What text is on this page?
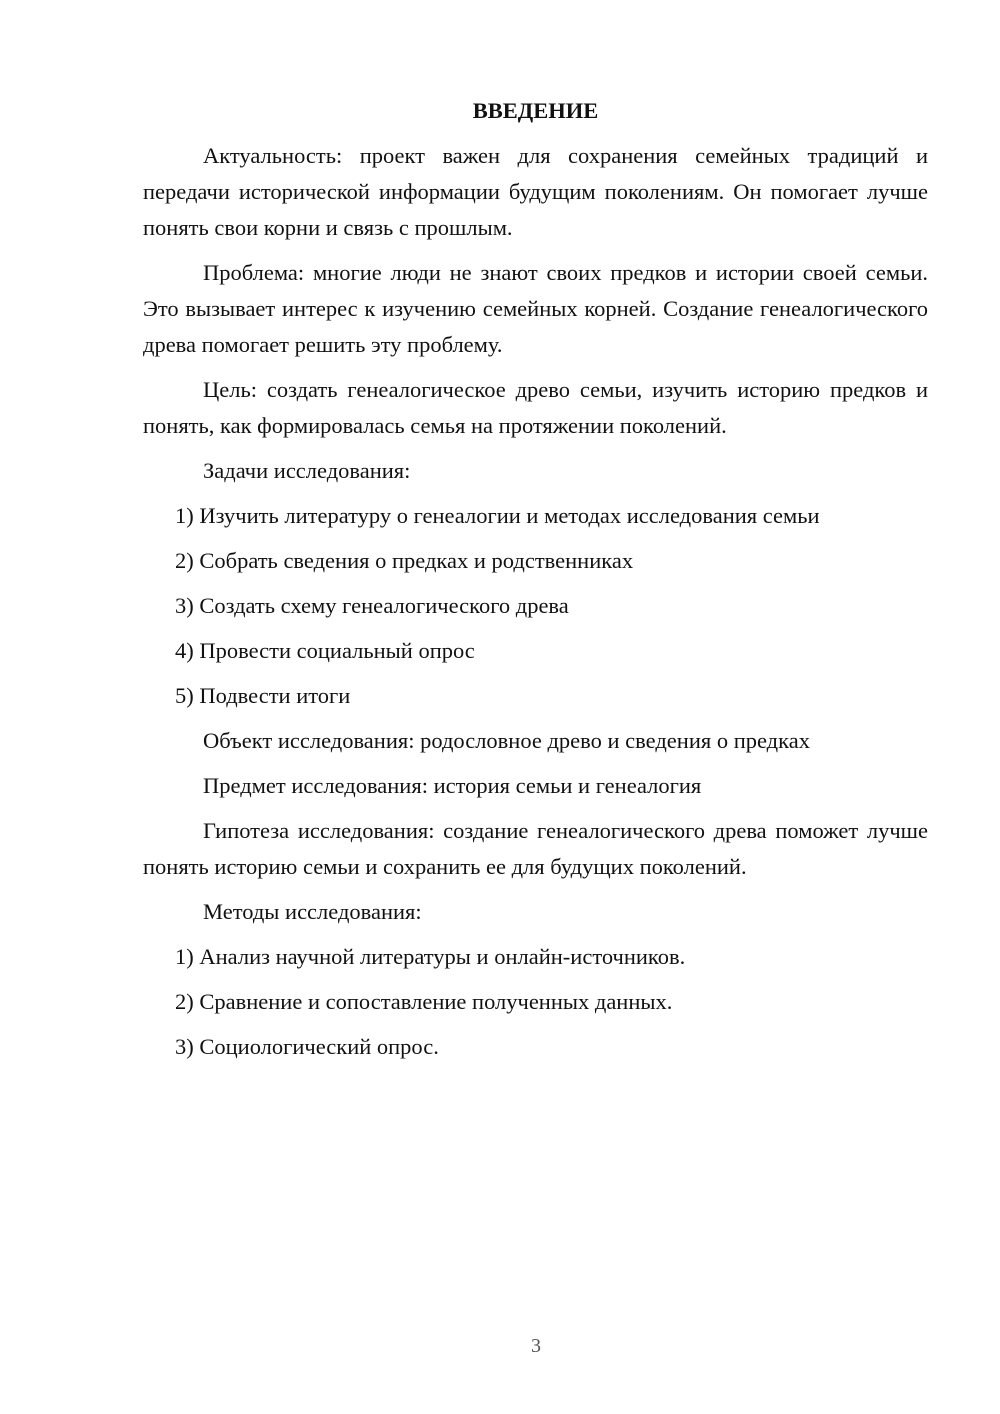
ВВЕДЕНИЕ
Актуальность: проект важен для сохранения семейных традиций и передачи исторической информации будущим поколениям. Он помогает лучше понять свои корни и связь с прошлым.
Проблема: многие люди не знают своих предков и истории своей семьи. Это вызывает интерес к изучению семейных корней. Создание генеалогического древа помогает решить эту проблему.
Цель: создать генеалогическое древо семьи, изучить историю предков и понять, как формировалась семья на протяжении поколений.
Задачи исследования:
1) Изучить литературу о генеалогии и методах исследования семьи
2) Собрать сведения о предках и родственниках
3) Создать схему генеалогического древа
4) Провести социальный опрос
5) Подвести итоги
Объект исследования: родословное древо и сведения о предках
Предмет исследования: история семьи и генеалогия
Гипотеза исследования: создание генеалогического древа поможет лучше понять историю семьи и сохранить ее для будущих поколений.
Методы исследования:
1) Анализ научной литературы и онлайн-источников.
2) Сравнение и сопоставление полученных данных.
3) Социологический опрос.
3
